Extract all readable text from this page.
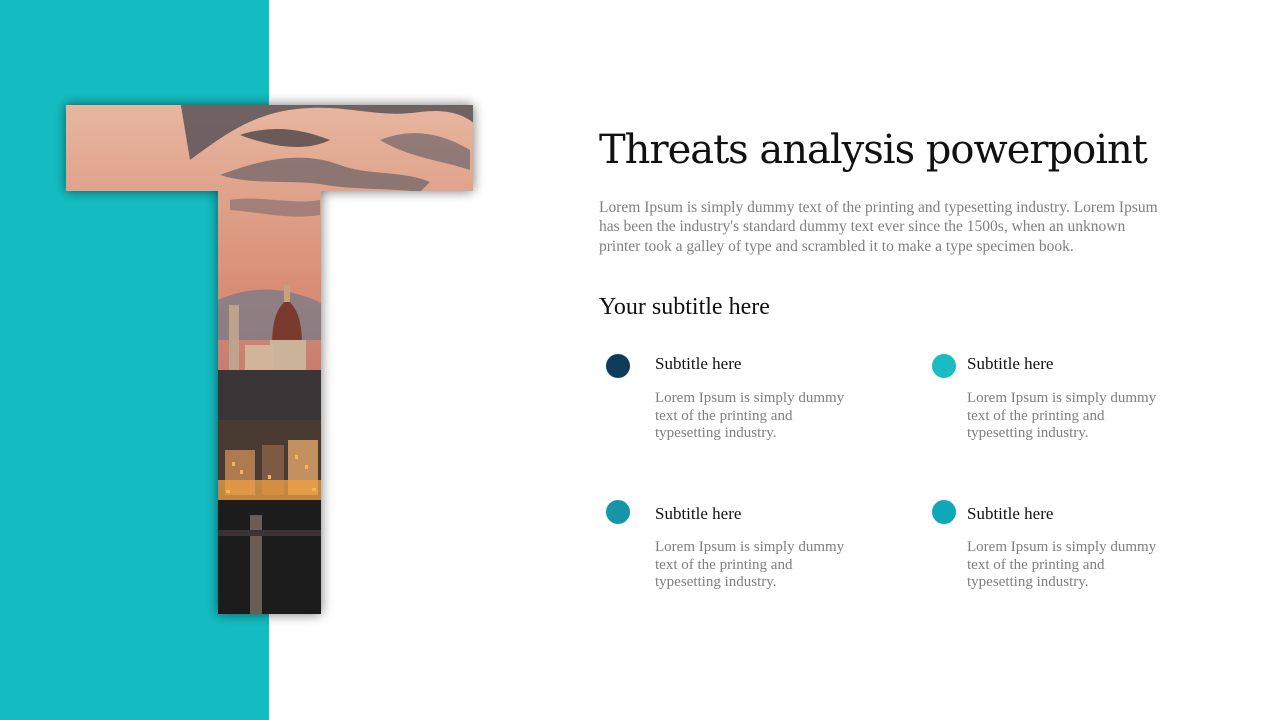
Threats analysis powerpoint

Lorem Ipsum is simply dummy text of the printing and typesetting industry. Lorem Ipsum has been the industry's standard dummy text ever since the 1500s, when an unknown printer took a galley of type and scrambled it to make a type specimen book.

Your subtitle here

Subtitle here

Lorem Ipsum is simply dummy text of the printing and typesetting industry.

Subtitle here

Lorem Ipsum is simply dummy text of the printing and typesetting industry.

Subtitle here

Lorem Ipsum is simply dummy text of the printing and typesetting industry.

Subtitle here

Lorem Ipsum is simply dummy text of the printing and typesetting industry.
